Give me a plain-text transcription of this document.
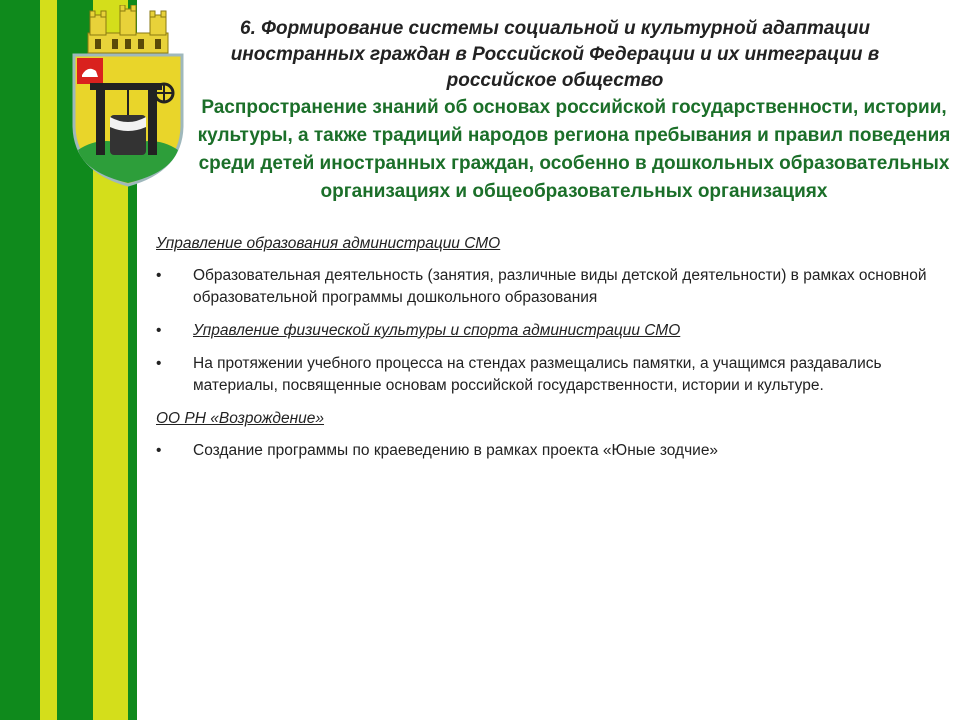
6. Формирование системы социальной и культурной адаптации иностранных граждан в Российской Федерации и их интеграции в российское общество
Распространение знаний об основах российской государственности, истории, культуры, а также традиций народов региона пребывания и правил поведения среди детей иностранных граждан, особенно в дошкольных образовательных организациях и общеобразовательных организациях
Управление образования администрации СМО
• Образовательная деятельность (занятия, различные виды детской деятельности) в рамках основной образовательной программы дошкольного образования
• Управление физической культуры и спорта администрации СМО
• На протяжении учебного процесса на стендах размещались памятки, а учащимся раздавались материалы, посвященные основам российской государственности, истории и культуре.
ОО РН «Возрождение»
• Создание программы по краеведению в рамках проекта «Юные зодчие»
